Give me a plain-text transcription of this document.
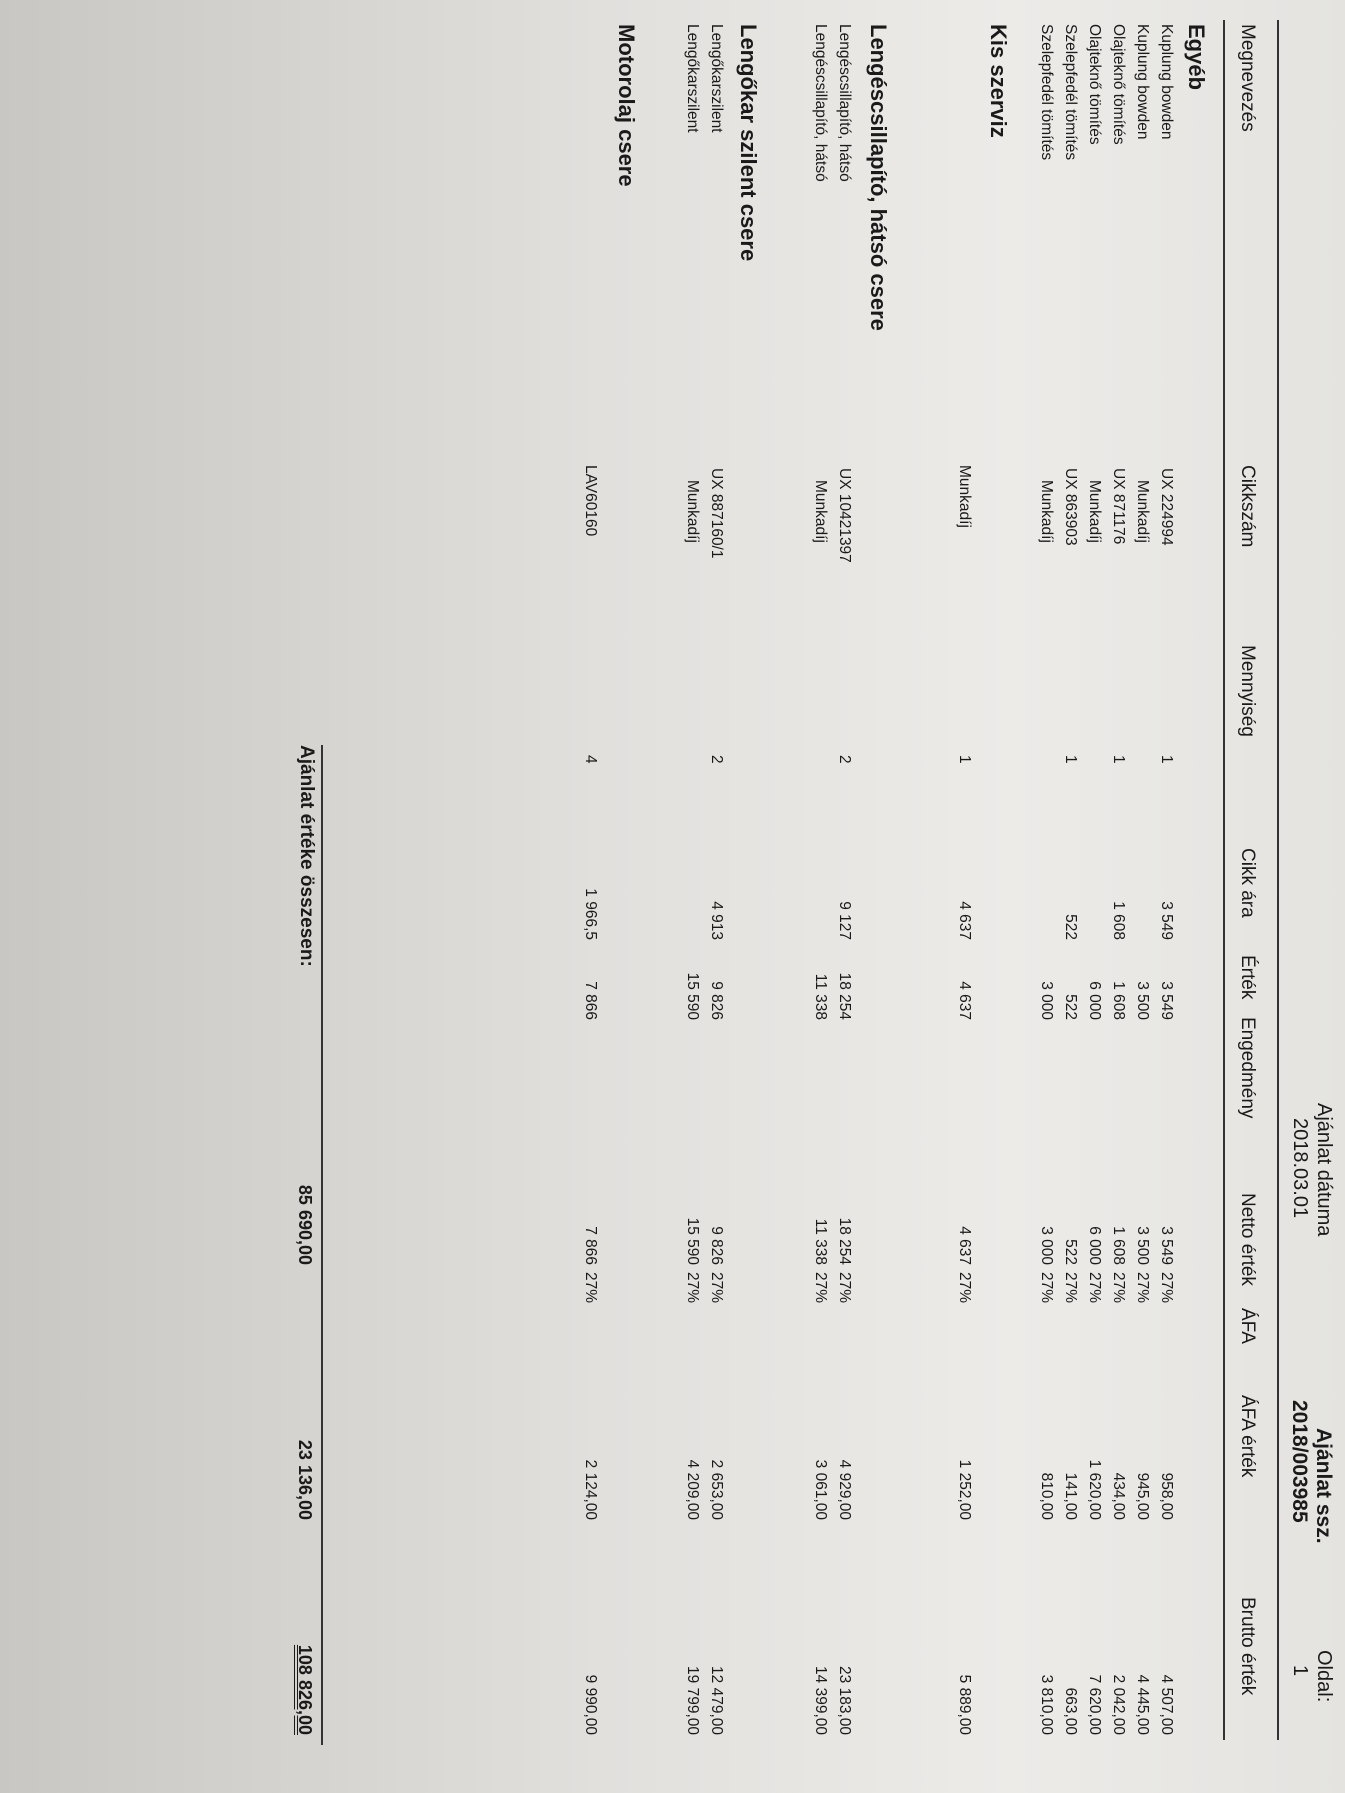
Ajánlat dátuma
2018.03.01
Ajánlat ssz.
2018/003985
Oldal:
1
Megnevezés
Cikkszám
Mennyiség
Cikk ára
Érték
Engedmény
Netto érték
ÁFA
ÁFA érték
Brutto érték
Egyéb
Kuplung bowden
UX 224994
1
3 549
3 549
3 549
27%
958,00
4 507,00
Kuplung bowden
Munkadíj
3 500
3 500
27%
945,00
4 445,00
Olajteknő tömítés
UX 871176
1
1 608
1 608
1 608
27%
434,00
2 042,00
Olajteknő tömítés
Munkadíj
6 000
6 000
27%
1 620,00
7 620,00
Szelepfedél tömítés
UX 863903
1
522
522
522
27%
141,00
663,00
Szelepfedél tömítés
Munkadíj
3 000
3 000
27%
810,00
3 810,00
Kis szerviz
Munkadíj
1
4 637
4 637
4 637
27%
1 252,00
5 889,00
Lengéscsillapító, hátsó csere
Lengéscsillapító, hátsó
UX 10421397
2
9 127
18 254
18 254
27%
4 929,00
23 183,00
Lengéscsillapító, hátsó
Munkadíj
11 338
11 338
27%
3 061,00
14 399,00
Lengőkar szilent csere
Lengőkarszilent
UX 887160/1
2
4 913
9 826
9 826
27%
2 653,00
12 479,00
Lengőkarszilent
Munkadíj
15 590
15 590
27%
4 209,00
19 799,00
Motorolaj csere
LAV60160
4
1 966,5
7 866
7 866
27%
2 124,00
9 990,00
Ajánlat értéke összesen:
85 690,00
23 136,00
108 826,00
